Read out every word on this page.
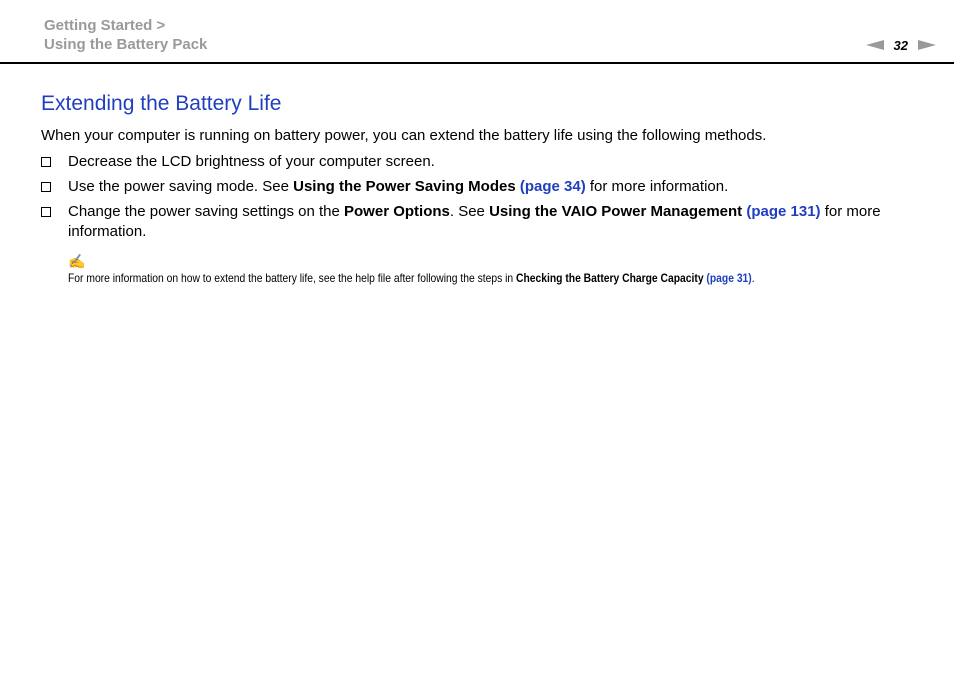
Getting Started >
Using the Battery Pack	32
Extending the Battery Life

When your computer is running on battery power, you can extend the battery life using the following methods.

Decrease the LCD brightness of your computer screen.
Use the power saving mode. See Using the Power Saving Modes (page 34) for more information.
Change the power saving settings on the Power Options. See Using the VAIO Power Management (page 131) for more information.
✍
For more information on how to extend the battery life, see the help file after following the steps in Checking the Battery Charge Capacity (page 31).
